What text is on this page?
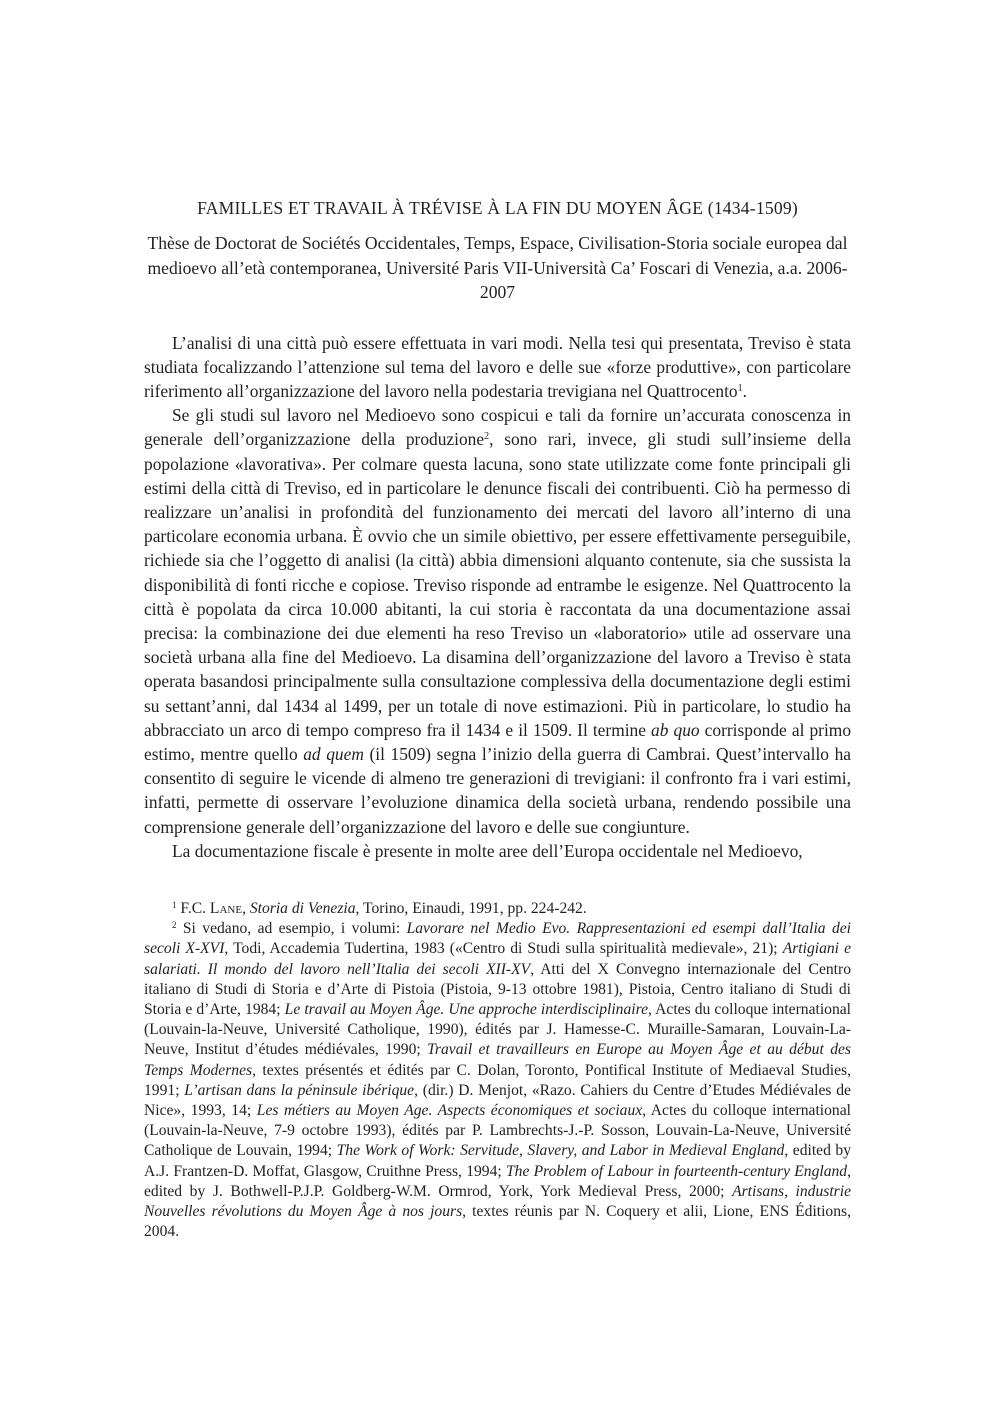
FAMILLES ET TRAVAIL À TRÉVISE À LA FIN DU MOYEN ÂGE (1434-1509)
Thèse de Doctorat de Sociétés Occidentales, Temps, Espace, Civilisation-Storia sociale europea dal medioevo all’età contemporanea, Université Paris VII-Università Ca’ Foscari di Venezia, a.a. 2006-2007

L’analisi di una città può essere effettuata in vari modi. Nella tesi qui presentata, Treviso è stata studiata focalizzando l’attenzione sul tema del lavoro e delle sue «forze produttive», con particolare riferimento all’organizzazione del lavoro nella podestaria trevigiana nel Quattrocento$^1$.

Se gli studi sul lavoro nel Medioevo sono cospicui e tali da fornire un’accurata conoscenza in generale dell’organizzazione della produzione$^2$, sono rari, invece, gli studi sull’insieme della popolazione «lavorativa». Per colmare questa lacuna, sono state utilizzate come fonte principali gli estimi della città di Treviso, ed in particolare le denunce fiscali dei contribuenti. Ciò ha permesso di realizzare un’analisi in profondità del funzionamento dei mercati del lavoro all’interno di una particolare economia urbana. È ovvio che un simile obiettivo, per essere effettivamente perseguibile, richiede sia che l’oggetto di analisi (la città) abbia dimensioni alquanto contenute, sia che sussista la disponibilità di fonti ricche e copiose. Treviso risponde ad entrambe le esigenze. Nel Quattrocento la città è popolata da circa 10.000 abitanti, la cui storia è raccontata da una documentazione assai precisa: la combinazione dei due elementi ha reso Treviso un «laboratorio» utile ad osservare una società urbana alla fine del Medioevo. La disamina dell’organizzazione del lavoro a Treviso è stata operata basandosi principalmente sulla consultazione complessiva della documentazione degli estimi su settant’anni, dal 1434 al 1499, per un totale di nove estimazioni. Più in particolare, lo studio ha abbracciato un arco di tempo compreso fra il 1434 e il 1509. Il termine ab quo corrisponde al primo estimo, mentre quello ad quem (il 1509) segna l’inizio della guerra di Cambrai. Quest’intervallo ha consentito di seguire le vicende di almeno tre generazioni di trevigiani: il confronto fra i vari estimi, infatti, permette di osservare l’evoluzione dinamica della società urbana, rendendo possibile una comprensione generale dell’organizzazione del lavoro e delle sue congiunture.

La documentazione fiscale è presente in molte aree dell’Europa occidentale nel Medioevo,

$^1$ F.C. Lane, Storia di Venezia, Torino, Einaudi, 1991, pp. 224-242.

$^2$ Si vedano, ad esempio, i volumi: Lavorare nel Medio Evo. Rappresentazioni ed esempi dall’Italia dei secoli X-XVI, Todi, Accademia Tudertina, 1983 («Centro di Studi sulla spiritualità medievale», 21); Artigiani e salariati. Il mondo del lavoro nell’Italia dei secoli XII-XV, Atti del X Convegno internazionale del Centro italiano di Studi di Storia e d’Arte di Pistoia (Pistoia, 9-13 ottobre 1981), Pistoia, Centro italiano di Studi di Storia e d’Arte, 1984; Le travail au Moyen Âge. Une approche interdisciplinaire, Actes du colloque international (Louvain-la-Neuve, Université Catholique, 1990), édités par J. Hamesse-C. Muraille-Samaran, Louvain-La-Neuve, Institut d’études médiévales, 1990; Travail et travailleurs en Europe au Moyen Âge et au début des Temps Modernes, textes présentés et édités par C. Dolan, Toronto, Pontifical Institute of Mediaeval Studies, 1991; L’artisan dans la péninsule ibérique, (dir.) D. Menjot, «Razo. Cahiers du Centre d’Etudes Médiévales de Nice», 1993, 14; Les métiers au Moyen Age. Aspects économiques et sociaux, Actes du colloque international (Louvain-la-Neuve, 7-9 octobre 1993), édités par P. Lambrechts-J.-P. Sosson, Louvain-La-Neuve, Université Catholique de Louvain, 1994; The Work of Work: Servitude, Slavery, and Labor in Medieval England, edited by A.J. Frantzen-D. Moffat, Glasgow, Cruithne Press, 1994; The Problem of Labour in fourteenth-century England, edited by J. Bothwell-P.J.P. Goldberg-W.M. Ormrod, York, York Medieval Press, 2000; Artisans, industrie Nouvelles révolutions du Moyen Âge à nos jours, textes réunis par N. Coquery et alii, Lione, ENS Éditions, 2004.
